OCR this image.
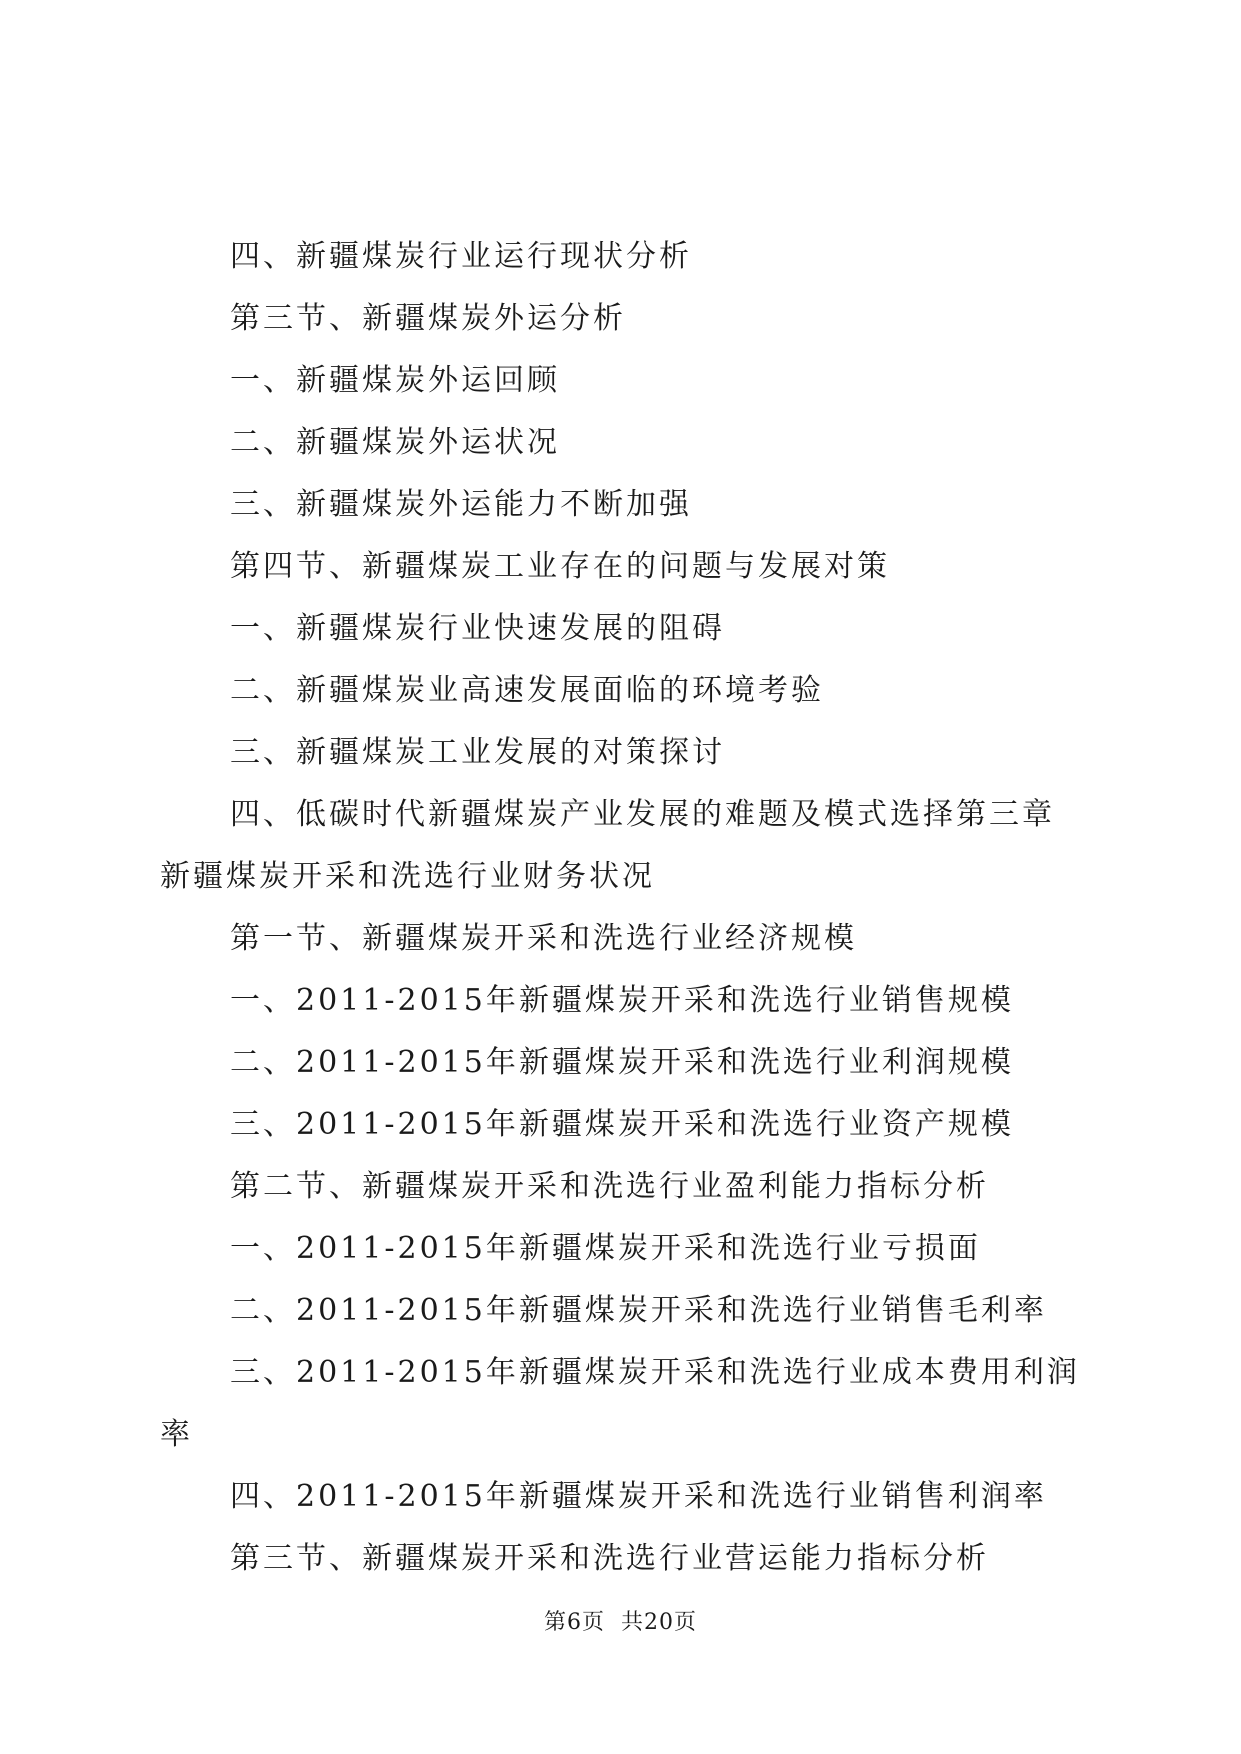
四、新疆煤炭行业运行现状分析
第三节、新疆煤炭外运分析
一、新疆煤炭外运回顾
二、新疆煤炭外运状况
三、新疆煤炭外运能力不断加强
第四节、新疆煤炭工业存在的问题与发展对策
一、新疆煤炭行业快速发展的阻碍
二、新疆煤炭业高速发展面临的环境考验
三、新疆煤炭工业发展的对策探讨
四、低碳时代新疆煤炭产业发展的难题及模式选择第三章新疆煤炭开采和洗选行业财务状况
第一节、新疆煤炭开采和洗选行业经济规模
一、2011-2015年新疆煤炭开采和洗选行业销售规模
二、2011-2015年新疆煤炭开采和洗选行业利润规模
三、2011-2015年新疆煤炭开采和洗选行业资产规模
第二节、新疆煤炭开采和洗选行业盈利能力指标分析
一、2011-2015年新疆煤炭开采和洗选行业亏损面
二、2011-2015年新疆煤炭开采和洗选行业销售毛利率
三、2011-2015年新疆煤炭开采和洗选行业成本费用利润率
四、2011-2015年新疆煤炭开采和洗选行业销售利润率
第三节、新疆煤炭开采和洗选行业营运能力指标分析
第6页 共20页
